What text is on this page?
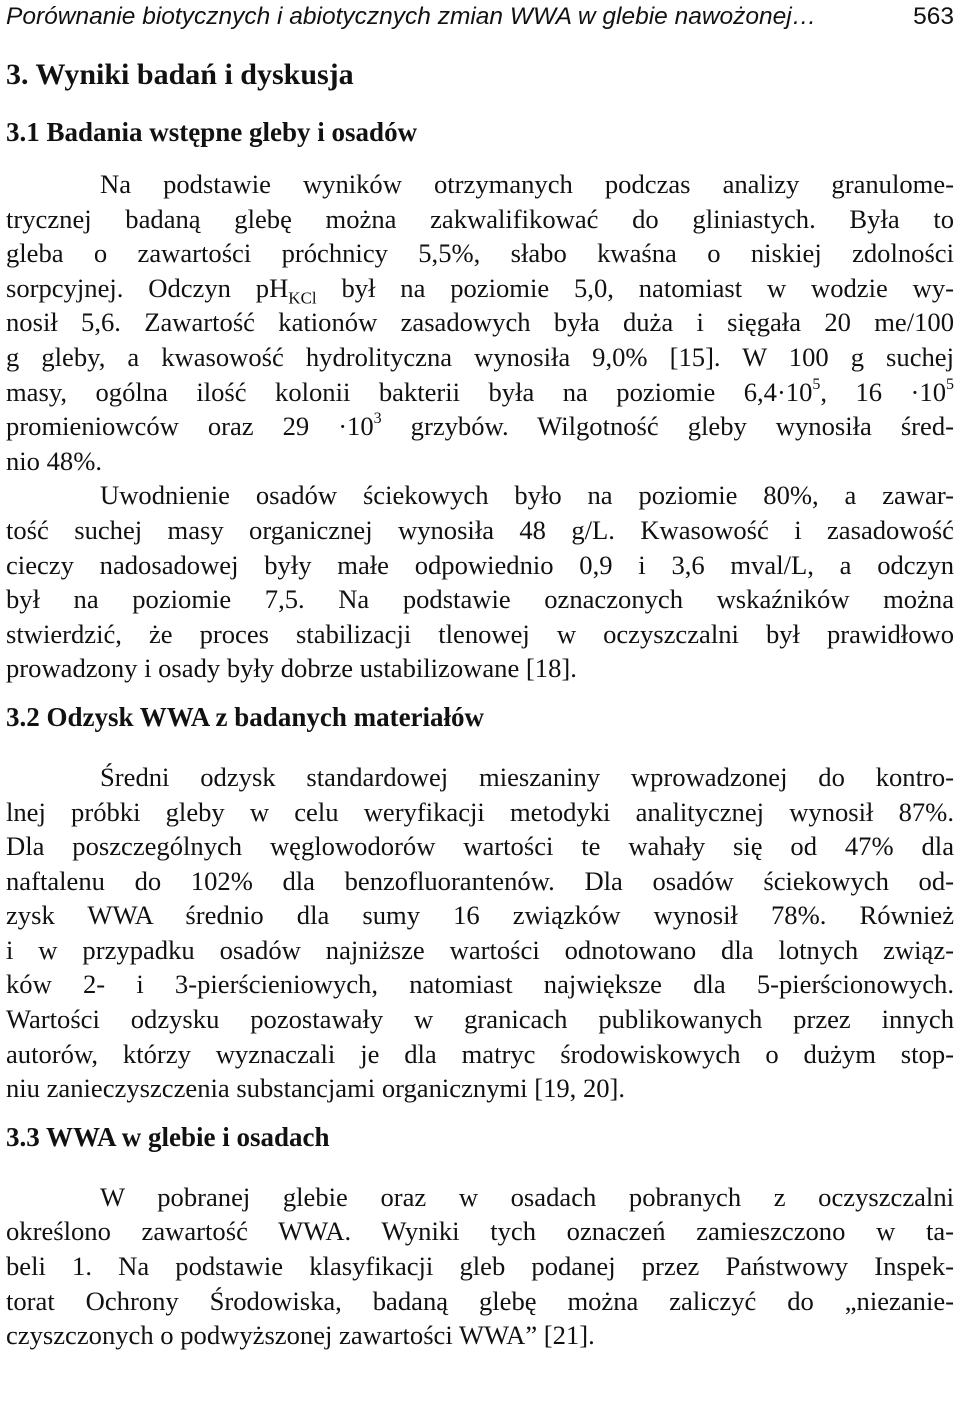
Porównanie biotycznych i abiotycznych zmian WWA w glebie nawożonej…	563
3. Wyniki badań i dyskusja
3.1 Badania wstępne gleby i osadów
Na podstawie wyników otrzymanych podczas analizy granulome-
trycznej badaną glebę można zakwalifikować do gliniastych. Była to
gleba o zawartości próchnicy 5,5%, słabo kwaśna o niskiej zdolności
sorpcyjnej. Odczyn $pH_{KCl}$ był na poziomie 5,0, natomiast w wodzie wy-
nosił 5,6. Zawartość kationów zasadowych była duża i sięgała 20 me/100
g gleby, a kwasowość hydrolityczna wynosiła 9,0% [15]. W 100 g suchej
masy, ogólna ilość kolonii bakterii była na poziomie $6,4\cdot 10^5$, $16 \cdot 10^5$
promieniowców oraz $29 \cdot 10^3$ grzybów. Wilgotność gleby wynosiła śred-
nio 48%.
Uwodnienie osadów ściekowych było na poziomie 80%, a zawar-
tość suchej masy organicznej wynosiła 48 g/L. Kwasowość i zasadowość
cieczy nadosadowej były małe odpowiednio 0,9 i 3,6 mval/L, a odczyn
był na poziomie 7,5. Na podstawie oznaczonych wskaźników można
stwierdzić, że proces stabilizacji tlenowej w oczyszczalni był prawidłowo
prowadzony i osady były dobrze ustabilizowane [18].
3.2 Odzysk WWA z badanych materiałów
Średni odzysk standardowej mieszaniny wprowadzonej do kontro-
lnej próbki gleby w celu weryfikacji metodyki analitycznej wynosił 87%.
Dla poszczególnych węglowodorów wartości te wahały się od 47% dla
naftalenu do 102% dla benzofluorantenów. Dla osadów ściekowych od-
zysk WWA średnio dla sumy 16 związków wynosił 78%. Również
i w przypadku osadów najniższe wartości odnotowano dla lotnych związ-
ków 2- i 3-pierścieniowych, natomiast największe dla 5-pierścionowych.
Wartości odzysku pozostawały w granicach publikowanych przez innych
autorów, którzy wyznaczali je dla matryc środowiskowych o dużym stop-
niu zanieczyszczenia substancjami organicznymi [19, 20].
3.3 WWA w glebie i osadach
W pobranej glebie oraz w osadach pobranych z oczyszczalni
określono zawartość WWA. Wyniki tych oznaczeń zamieszczono w ta-
beli 1. Na podstawie klasyfikacji gleb podanej przez Państwowy Inspek-
torat Ochrony Środowiska, badaną glebę można zaliczyć do „niezanie-
czyszczonych o podwyższonej zawartości WWA” [21].
